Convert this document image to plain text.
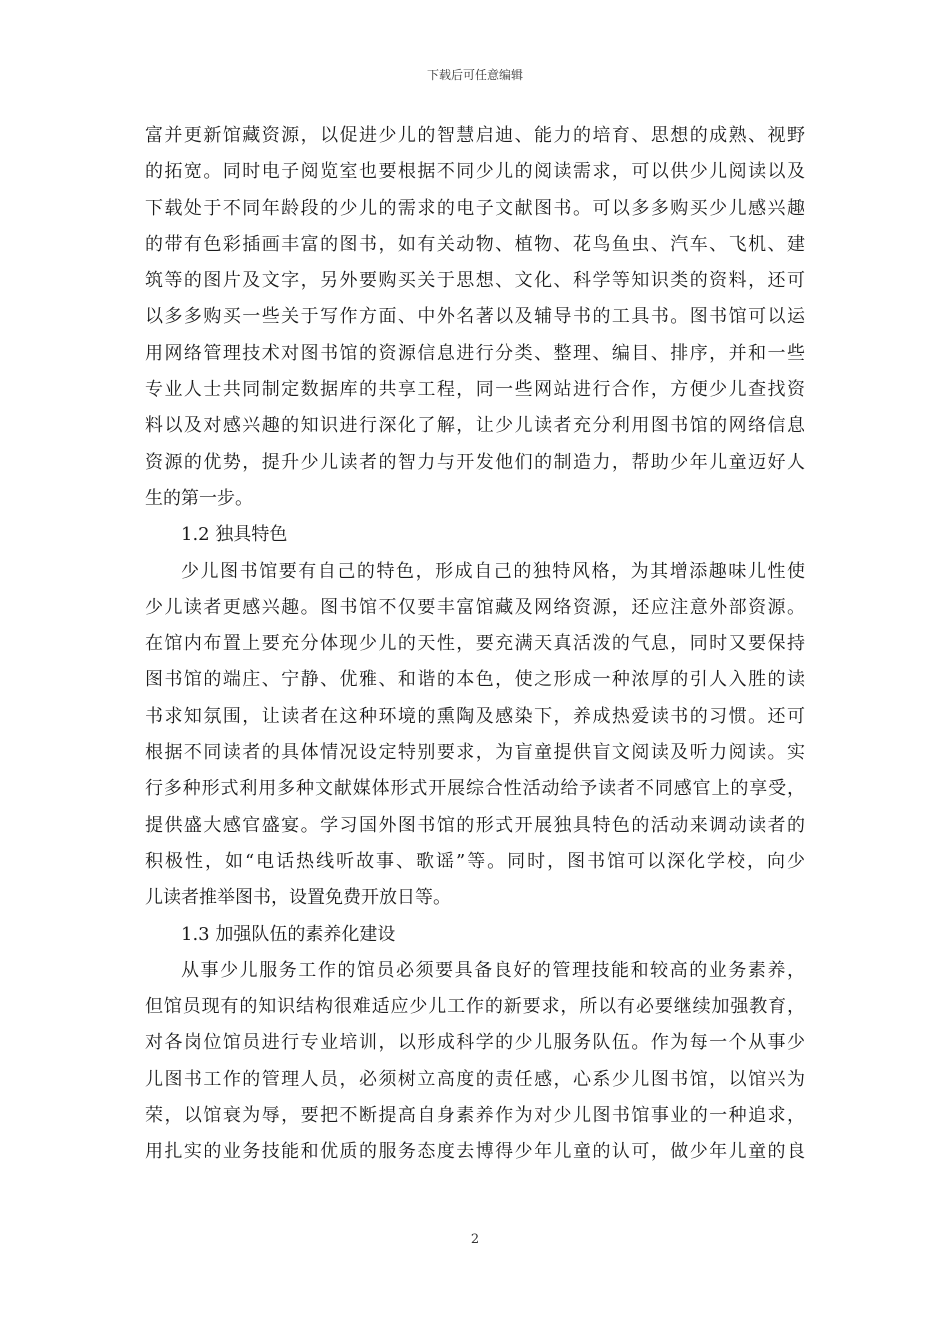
下载后可任意编辑
富并更新馆藏资源，以促进少儿的智慧启迪、能力的培育、思想的成熟、视野
的拓宽。同时电子阅览室也要根据不同少儿的阅读需求，可以供少儿阅读以及
下载处于不同年龄段的少儿的需求的电子文献图书。可以多多购买少儿感兴趣
的带有色彩插画丰富的图书，如有关动物、植物、花鸟鱼虫、汽车、飞机、建
筑等的图片及文字，另外要购买关于思想、文化、科学等知识类的资料，还可
以多多购买一些关于写作方面、中外名著以及辅导书的工具书。图书馆可以运
用网络管理技术对图书馆的资源信息进行分类、整理、编目、排序，并和一些
专业人士共同制定数据库的共享工程，同一些网站进行合作，方便少儿查找资
料以及对感兴趣的知识进行深化了解，让少儿读者充分利用图书馆的网络信息
资源的优势，提升少儿读者的智力与开发他们的制造力，帮助少年儿童迈好人
生的第一步。
1.2 独具特色
少儿图书馆要有自己的特色，形成自己的独特风格，为其增添趣味儿性使
少儿读者更感兴趣。图书馆不仅要丰富馆藏及网络资源，还应注意外部资源。
在馆内布置上要充分体现少儿的天性，要充满天真活泼的气息，同时又要保持
图书馆的端庄、宁静、优雅、和谐的本色，使之形成一种浓厚的引人入胜的读
书求知氛围，让读者在这种环境的熏陶及感染下，养成热爱读书的习惯。还可
根据不同读者的具体情况设定特别要求，为盲童提供盲文阅读及听力阅读。实
行多种形式利用多种文献媒体形式开展综合性活动给予读者不同感官上的享受，
提供盛大感官盛宴。学习国外图书馆的形式开展独具特色的活动来调动读者的
积极性，如“电话热线听故事、歌谣”等。同时，图书馆可以深化学校，向少
儿读者推举图书，设置免费开放日等。
1.3 加强队伍的素养化建设
从事少儿服务工作的馆员必须要具备良好的管理技能和较高的业务素养，
但馆员现有的知识结构很难适应少儿工作的新要求，所以有必要继续加强教育，
对各岗位馆员进行专业培训，以形成科学的少儿服务队伍。作为每一个从事少
儿图书工作的管理人员，必须树立高度的责任感，心系少儿图书馆，以馆兴为
荣，以馆衰为辱，要把不断提高自身素养作为对少儿图书馆事业的一种追求，
用扎实的业务技能和优质的服务态度去博得少年儿童的认可，做少年儿童的良
2
